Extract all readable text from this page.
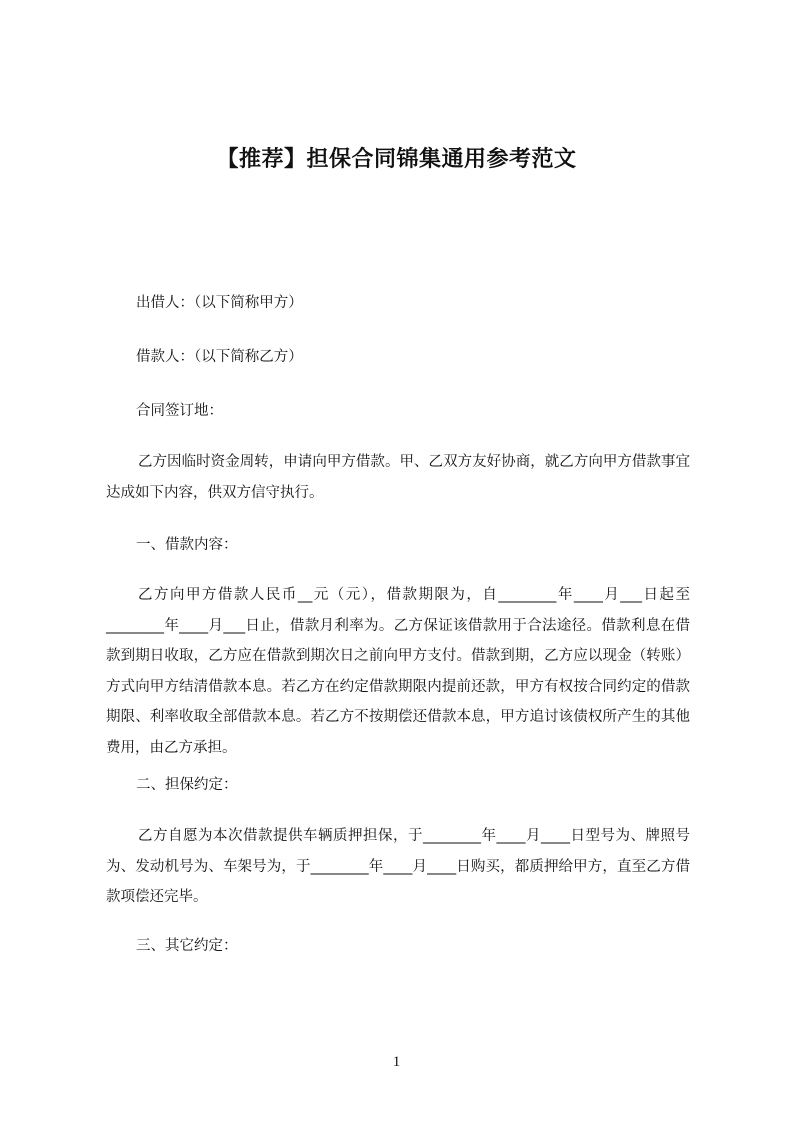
【推荐】担保合同锦集通用参考范文

出借人：（以下简称甲方）

借款人：（以下简称乙方）

合同签订地：

乙方因临时资金周转，申请向甲方借款。甲、乙双方友好协商，就乙方向甲方借款事宜达成如下内容，供双方信守执行。

一、借款内容：

乙方向甲方借款人民币__元（元），借款期限为，自________年____月___日起至________年____月___日止，借款月利率为。乙方保证该借款用于合法途径。借款利息在借款到期日收取，乙方应在借款到期次日之前向甲方支付。借款到期，乙方应以现金（转账）方式向甲方结清借款本息。若乙方在约定借款期限内提前还款，甲方有权按合同约定的借款期限、利率收取全部借款本息。若乙方不按期偿还借款本息，甲方追讨该债权所产生的其他费用，由乙方承担。

二、担保约定：

乙方自愿为本次借款提供车辆质押担保，于________年____月____日型号为、牌照号为、发动机号为、车架号为，于________年____月____日购买，都质押给甲方，直至乙方借款项偿还完毕。

三、其它约定：

1
